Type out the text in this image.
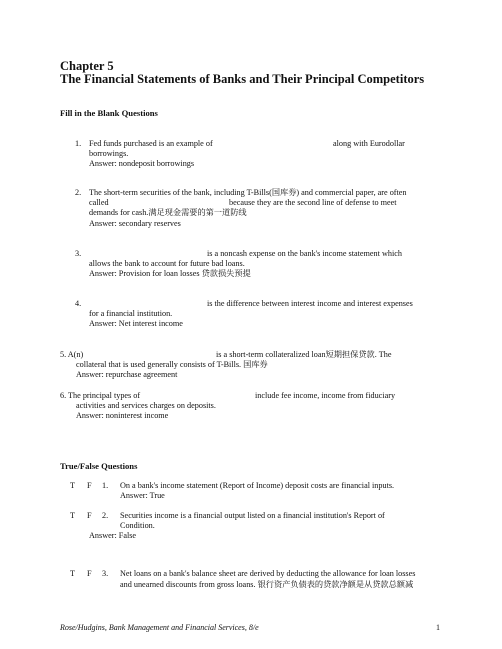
Chapter 5
The Financial Statements of Banks and Their Principal Competitors
Fill in the Blank Questions
1. Fed funds purchased is an example of	along with Eurodollar
borrowings.
Answer: nondeposit borrowings
2. The short-term securities of the bank, including T-Bills(国库券) and commercial paper, are often
called	because they are the second line of defense to meet
demands for cash.满足现金需要的第一道防线
Answer: secondary reserves
3.	is a noncash expense on the bank's income statement which
allows the bank to account for future bad loans.
Answer: Provision for loan losses 贷款损失预提
4.	is the difference between interest income and interest expenses
for a financial institution.
Answer: Net interest income
5. A(n)	is a short-term collateralized loan短期担保贷款. The
collateral that is used generally consists of T-Bills. 国库券
Answer: repurchase agreement
6. The principal types of	include fee income, income from fiduciary
activities and services charges on deposits.
Answer: noninterest income
True/False Questions
T F 1. On a bank's income statement (Report of Income) deposit costs are financial inputs.
Answer: True
T F 2. Securities income is a financial output listed on a financial institution's Report of
Condition.
Answer: False
T F 3. Net loans on a bank's balance sheet are derived by deducting the allowance for loan losses
and unearned discounts from gross loans. 银行资产负债表的贷款净额是从贷款总额减
Rose/Hudgins, Bank Management and Financial Services, 8/e	1
